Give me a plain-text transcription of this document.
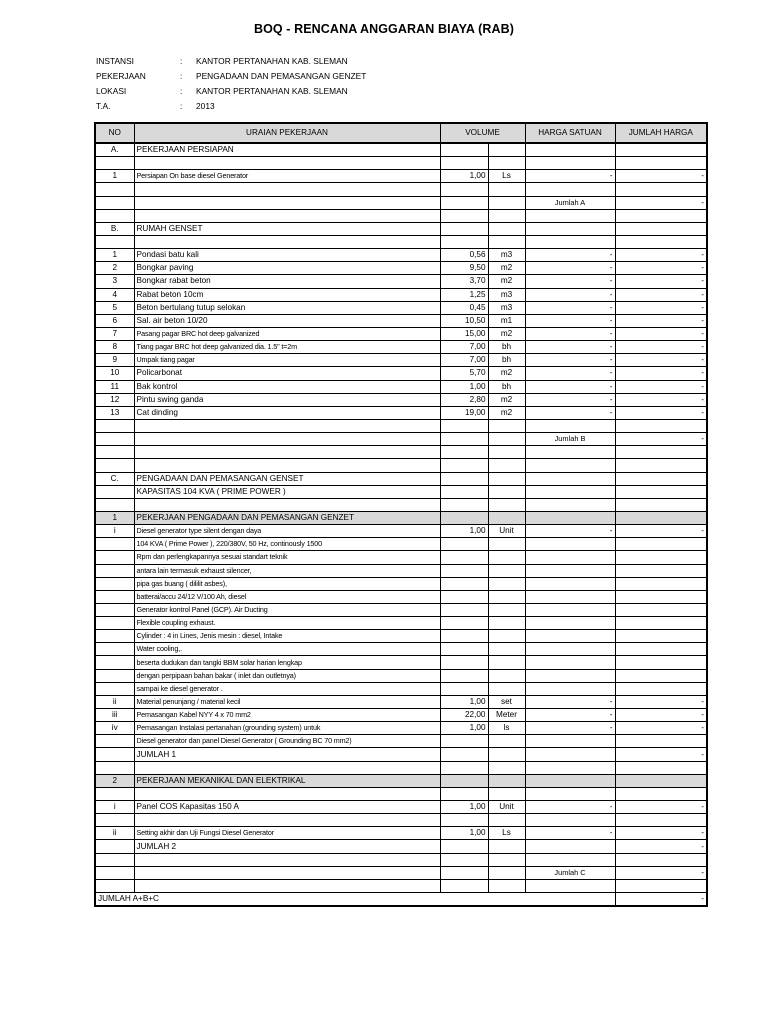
BOQ - RENCANA ANGGARAN BIAYA (RAB)
INSTANSI	:	KANTOR PERTANAHAN KAB. SLEMAN
PEKERJAAN	:	PENGADAAN DAN PEMASANGAN GENZET
LOKASI	:	KANTOR PERTANAHAN KAB. SLEMAN
T.A.	:	2013
NO	URAIAN PEKERJAAN	VOLUME		HARGA SATUAN	JUMLAH HARGA
A.	PEKERJAAN PERSIAPAN				

1	Persiapan On base diesel Generator	1,00	Ls	-	-

				Jumlah A	-

B.	RUMAH GENSET				

1	Pondasi batu kali	0,56	m3	-	-
2	Bongkar paving	9,50	m2	-	-
3	Bongkar rabat beton	3,70	m2	-	-
4	Rabat beton 10cm	1,25	m3	-	-
5	Beton bertulang tutup selokan	0,45	m3	-	-
6	Sal. air beton 10/20	10,50	m1	-	-
7	Pasang pagar BRC hot deep galvanized	15,00	m2	-	-
8	Tiang pagar BRC hot deep galvanized dia. 1.5" t=2m	7,00	bh	-	-
9	Umpak tiang pagar	7,00	bh	-	-
10	Policarbonat	5,70	m2	-	-
11	Bak kontrol	1,00	bh	-	-
12	Pintu swing ganda	2,80	m2	-	-
13	Cat dinding	19,00	m2	-	-

				Jumlah B	-

C.	PENGADAAN DAN PEMASANGAN GENSET				
	KAPASITAS 104 KVA ( PRIME POWER )				

1	PEKERJAAN PENGADAAN DAN PEMASANGAN GENZET				
i	Diesel generator type silent dengan daya	1,00	Unit	-	-
	104 KVA ( Prime Power ), 220/380V, 50 Hz, continously 1500				
	Rpm dan perlengkapannya sesuai standart teknik				
	antara lain termasuk exhaust silencer,				
	pipa gas buang ( dililit asbes),				
	batterai/accu 24/12 V/100 Ah, diesel				
	Generator kontrol Panel (GCP). Air Ducting				
	Flexible coupling exhaust.				
	Cylinder : 4 in Lines, Jenis mesin : diesel, Intake				
	Water cooling,.				
	beserta dudukan dan tangki BBM solar harian lengkap				
	dengan perpipaan bahan bakar ( inlet dan outletnya)				
	sampai ke diesel generator .				
ii	Material penunjang / material kecil	1,00	set	-	-
iii	Pemasangan Kabel NYY 4 x 70 mm2	22,00	Meter	-	-
iv	Pemasangan Instalasi pertanahan (grounding system) untuk	1,00	ls	-	-
	Diesel generator dan panel Diesel Generator ( Grounding BC 70 mm2)				
	JUMLAH 1				-

2	PEKERJAAN MEKANIKAL DAN ELEKTRIKAL				

i	Panel COS Kapasitas 150 A	1,00	Unit	-	-

ii	Setting akhir dan Uji Fungsi Diesel Generator	1,00	Ls	-	-
	JUMLAH 2				-

				Jumlah C	-

JUMLAH A+B+C					-
